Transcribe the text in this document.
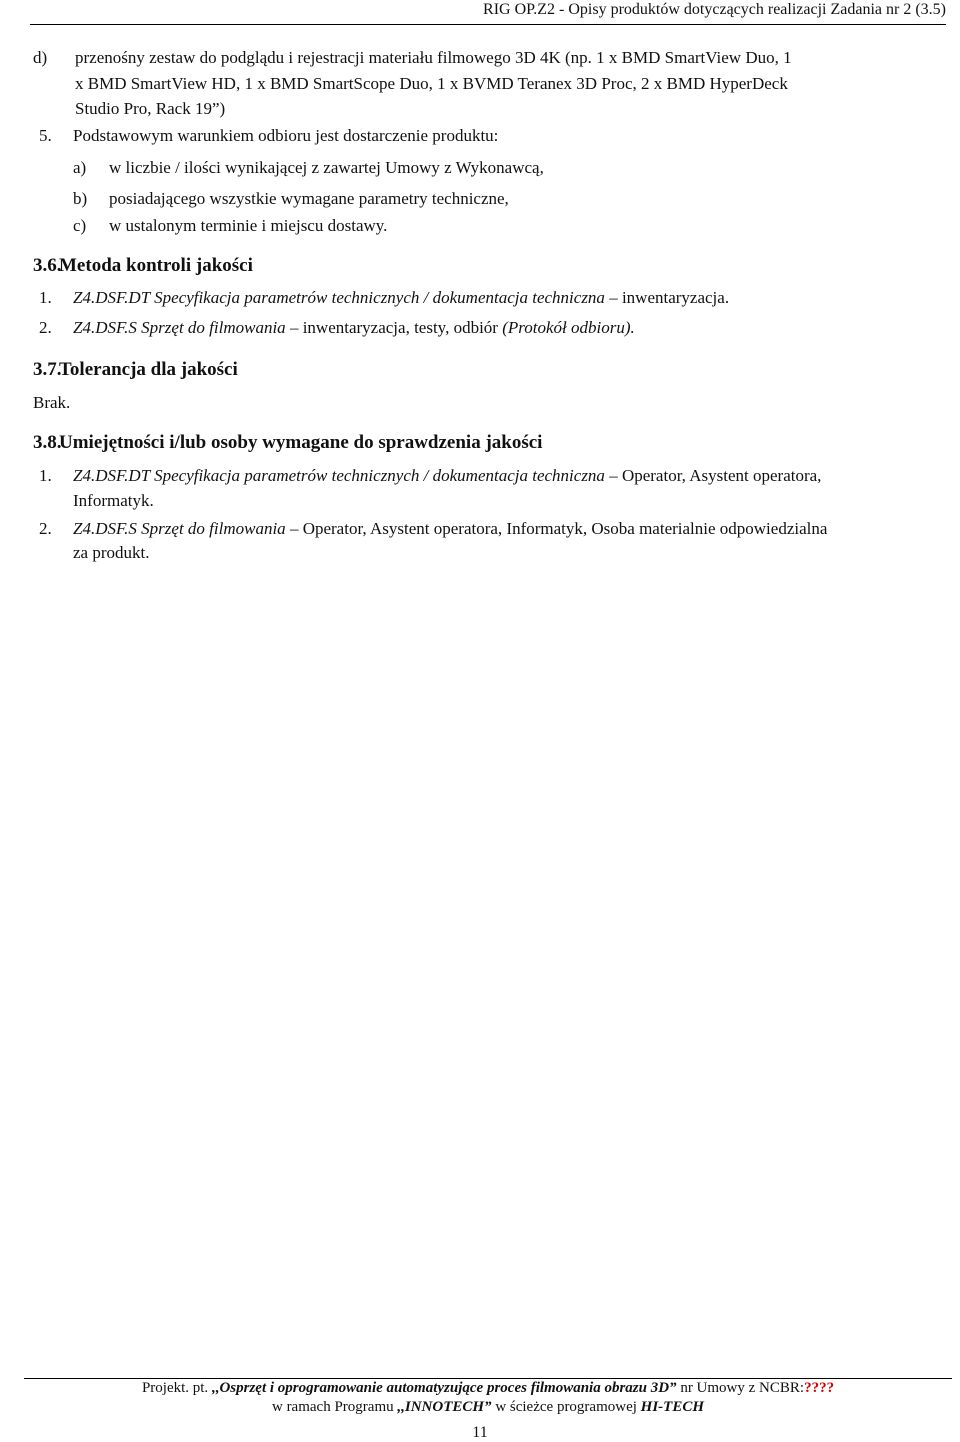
RIG OP.Z2 - Opisy produktów dotyczących realizacji Zadania nr 2 (3.5)
d) przenośny zestaw do podglądu i rejestracji materiału filmowego 3D 4K (np. 1 x BMD SmartView Duo, 1
x BMD SmartView HD, 1 x BMD SmartScope Duo, 1 x BVMD Teranex 3D Proc, 2 x BMD HyperDeck
Studio Pro, Rack 19”)
5. Podstawowym warunkiem odbioru jest dostarczenie produktu:
a) w liczbie / ilości wynikającej z zawartej Umowy z Wykonawcą,
b) posiadającego wszystkie wymagane parametry techniczne,
c) w ustalonym terminie i miejscu dostawy.
3.6.
Metoda kontroli jakości
1. Z4.DSF.DT Specyfikacja parametrów technicznych / dokumentacja techniczna – inwentaryzacja.
2. Z4.DSF.S Sprzęt do filmowania – inwentaryzacja, testy, odbiór (Protokół odbioru).
3.7.
Tolerancja dla jakości
Brak.
3.8.
Umiejętności i/lub osoby wymagane do sprawdzenia jakości
1. Z4.DSF.DT Specyfikacja parametrów technicznych / dokumentacja techniczna – Operator, Asystent operatora,
Informatyk.
2. Z4.DSF.S Sprzęt do filmowania – Operator, Asystent operatora, Informatyk, Osoba materialnie odpowiedzialna
za produkt.
Projekt. pt. ,,Osprzęt i oprogramowanie automatyzujące proces filmowania obrazu 3D” nr Umowy z NCBR:????
w ramach Programu ,,INNOTECH” w ścieżce programowej HI-TECH
11
